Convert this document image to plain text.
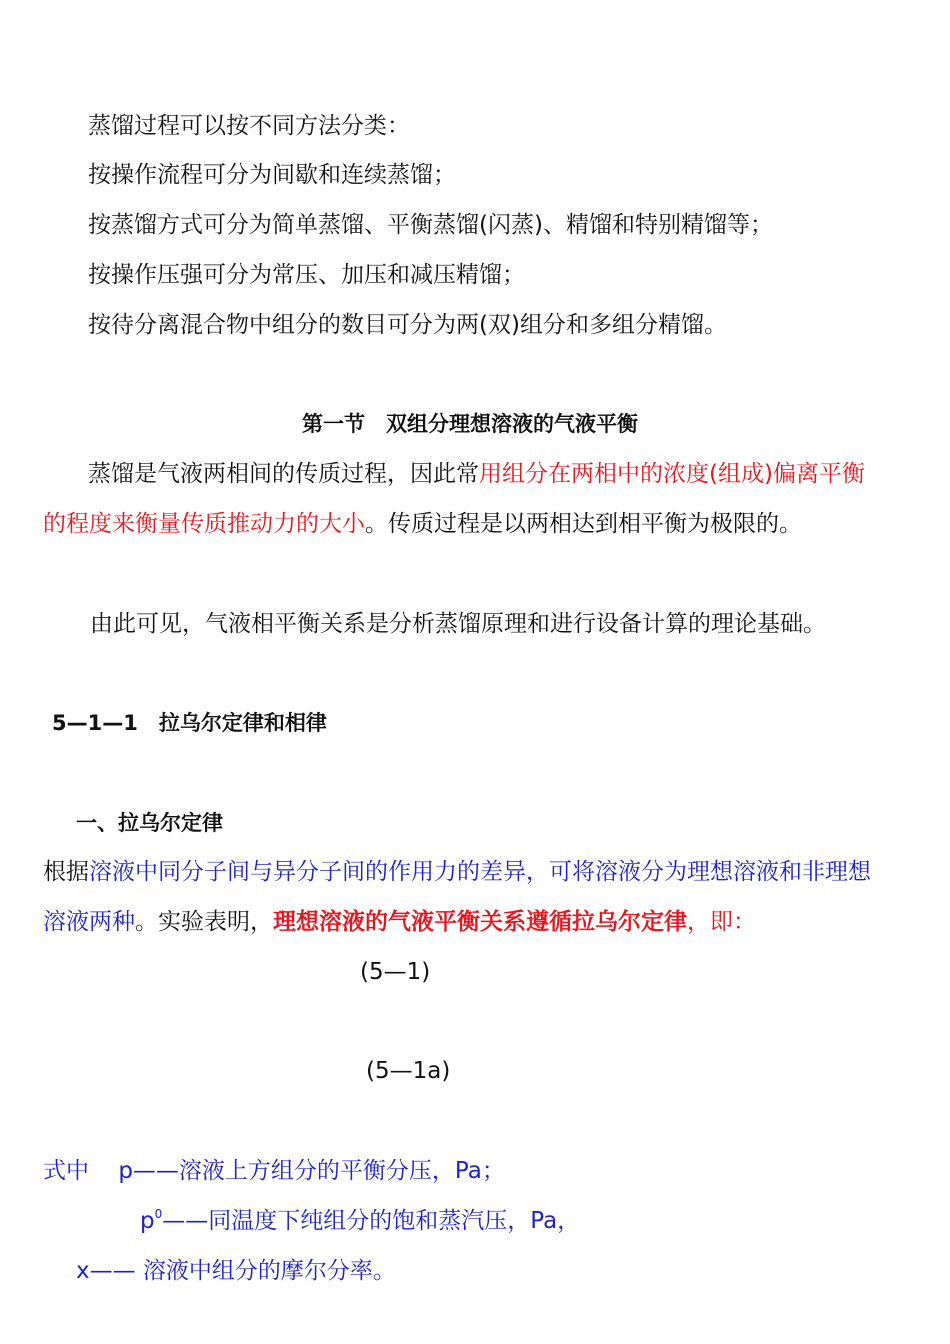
蒸馏过程可以按不同方法分类：
按操作流程可分为间歇和连续蒸馏；
按蒸馏方式可分为简单蒸馏、平衡蒸馏(闪蒸)、精馏和特别精馏等；
按操作压强可分为常压、加压和减压精馏；
按待分离混合物中组分的数目可分为两(双)组分和多组分精馏。
第一节　双组分理想溶液的气液平衡
蒸馏是气液两相间的传质过程，因此常用组分在两相中的浓度(组成)偏离平衡
的程度来衡量传质推动力的大小。传质过程是以两相达到相平衡为极限的。
由此可见，气液相平衡关系是分析蒸馏原理和进行设备计算的理论基础。
5—1—1　拉乌尔定律和相律
一、拉乌尔定律
根据溶液中同分子间与异分子间的作用力的差异，可将溶液分为理想溶液和非理想
溶液两种。实验表明，理想溶液的气液平衡关系遵循拉乌尔定律，即：
(5—1)
(5—1a)
式中 p——溶液上方组分的平衡分压，Pa；
$p^0——$同温度下纯组分的饱和蒸汽压，Pa，
x—— 溶液中组分的摩尔分率。
